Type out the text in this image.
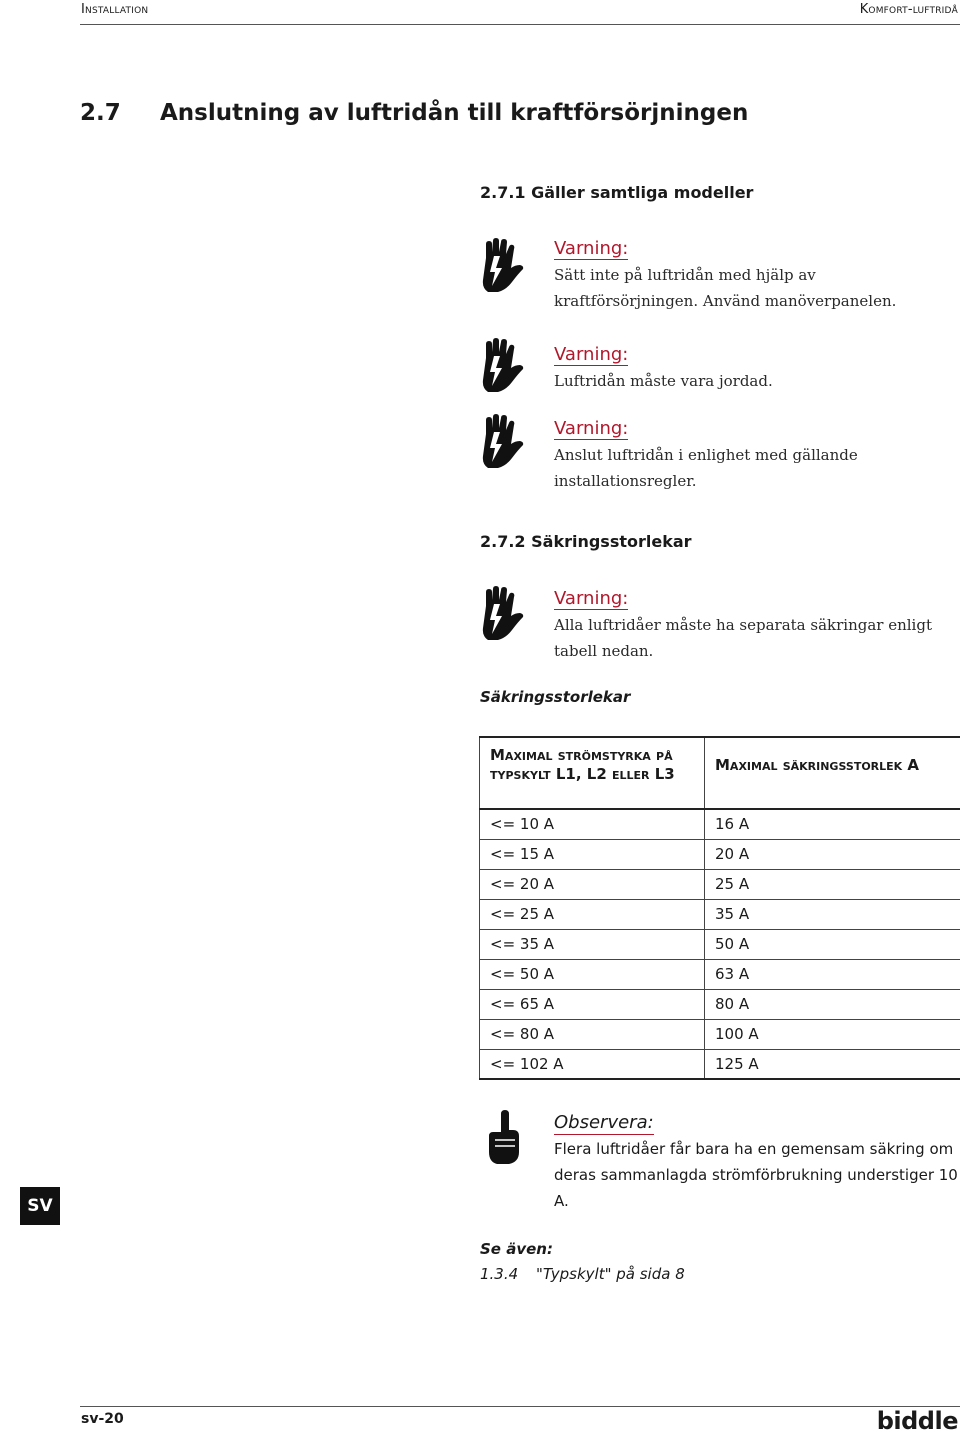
Installation	Komfort-luftridå
2.7 Anslutning av luftridån till kraftförsörjningen
2.7.1 Gäller samtliga modeller
Varning:
Sätt inte på luftridån med hjälp av kraftförsörjningen. Använd manöverpanelen.
Varning:
Luftridån måste vara jordad.
Varning:
Anslut luftridån i enlighet med gällande installationsregler.
2.7.2 Säkringsstorlekar
Varning:
Alla luftridåer måste ha separata säkringar enligt tabell nedan.
Säkringsstorlekar
Maximal strömstyrka på typskylt L1, L2 eller L3	Maximal säkringsstorlek A
<= 10 A	16 A
<= 15 A	20 A
<= 20 A	25 A
<= 25 A	35 A
<= 35 A	50 A
<= 50 A	63 A
<= 65 A	80 A
<= 80 A	100 A
<= 102 A	125 A
Observera:
Flera luftridåer får bara ha en gemensam säkring om deras sammanlagda strömförbrukning understiger 10 A.
SV
Se även:
1.3.4 "Typskylt" på sida 8
sv-20	biddle
